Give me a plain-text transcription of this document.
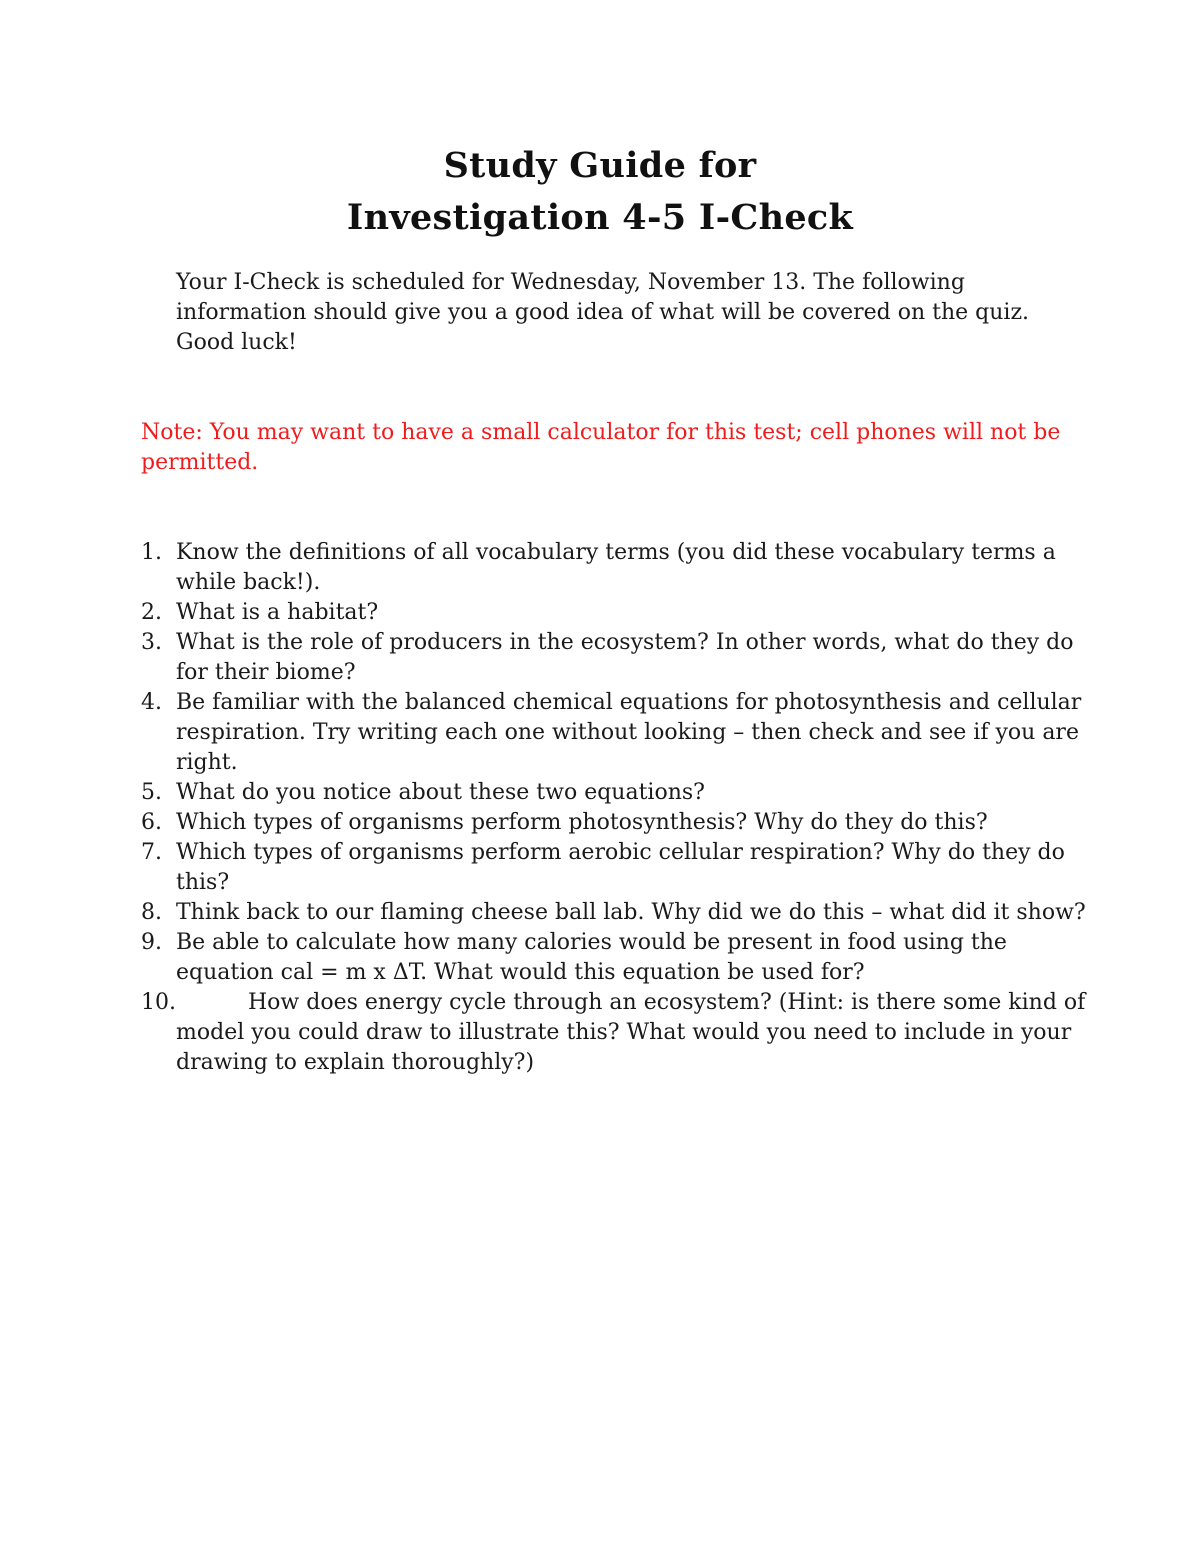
Study Guide for
Investigation 4-5 I-Check

Your I-Check is scheduled for Wednesday, November 13. The following information should give you a good idea of what will be covered on the quiz. Good luck!

Note: You may want to have a small calculator for this test; cell phones will not be permitted.

1. Know the definitions of all vocabulary terms (you did these vocabulary terms a while back!).
2. What is a habitat?
3. What is the role of producers in the ecosystem? In other words, what do they do for their biome?
4. Be familiar with the balanced chemical equations for photosynthesis and cellular respiration. Try writing each one without looking – then check and see if you are right.
5. What do you notice about these two equations?
6. Which types of organisms perform photosynthesis? Why do they do this?
7. Which types of organisms perform aerobic cellular respiration? Why do they do this?
8. Think back to our flaming cheese ball lab. Why did we do this – what did it show?
9. Be able to calculate how many calories would be present in food using the equation cal = m x ΔT. What would this equation be used for?
10.	How does energy cycle through an ecosystem? (Hint: is there some kind of model you could draw to illustrate this? What would you need to include in your drawing to explain thoroughly?)
